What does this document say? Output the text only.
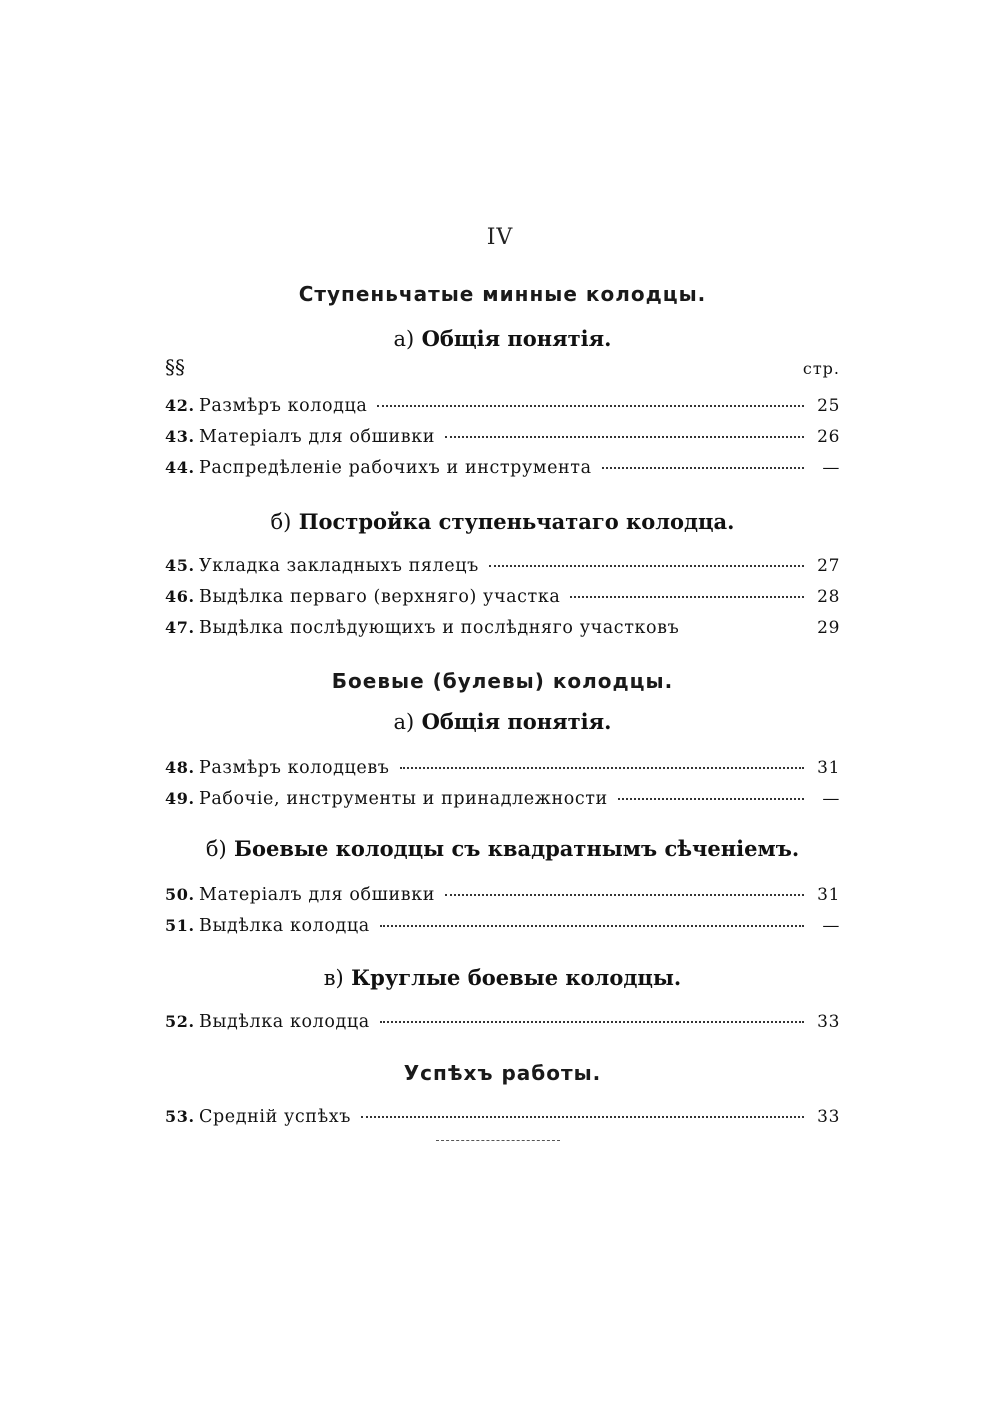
IV
Ступеньчатые минные колодцы.
а) Общія понятія.
§§	стр.
42. Размѣръ колодца	25
43. Матеріалъ для обшивки	26
44. Распредѣленіе рабочихъ и инструмента	—
б) Постройка ступеньчатаго колодца.
45. Укладка закладныхъ пялецъ	27
46. Выдѣлка перваго (верхняго) участка	28
47. Выдѣлка послѣдующихъ и послѣдняго участковъ	29
Боевые (булевы) колодцы.
а) Общія понятія.
48. Размѣръ колодцевъ	31
49. Рабочіе, инструменты и принадлежности	—
б) Боевые колодцы съ квадратнымъ сѣченіемъ.
50. Матеріалъ для обшивки	31
51. Выдѣлка колодца	—
в) Круглые боевые колодцы.
52. Выдѣлка колодца	33
Успѣхъ работы.
53. Средній успѣхъ	33
